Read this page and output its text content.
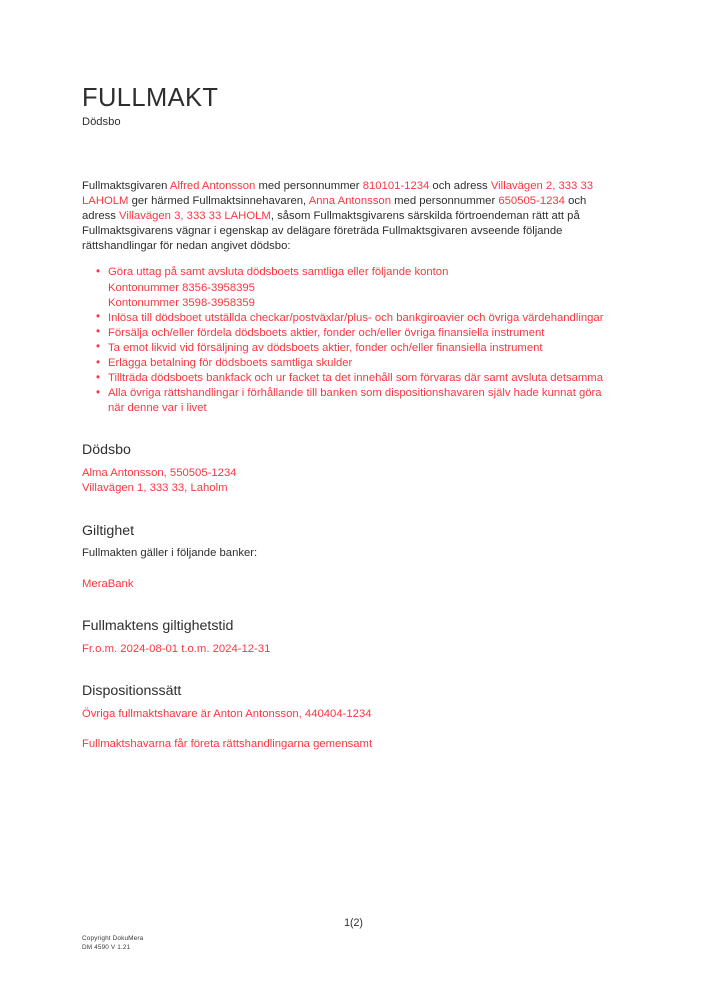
FULLMAKT

Dödsbo

Fullmaktsgivaren Alfred Antonsson med personnummer 810101-1234 och adress Villavägen 2, 333 33 LAHOLM ger härmed Fullmaktsinnehavaren, Anna Antonsson med personnummer 650505-1234 och adress Villavägen 3, 333 33 LAHOLM, såsom Fullmaktsgivarens särskilda förtroendeman rätt att på Fullmaktsgivarens vägnar i egenskap av delägare företräda Fullmaktsgivaren avseende följande rättshandlingar för nedan angivet dödsbo:

• Göra uttag på samt avsluta dödsboets samtliga eller följande konton
Kontonummer 8356-3958395
Kontonummer 3598-3958359
• Inlösa till dödsboet utställda checkar/postväxlar/plus- och bankgiroavier och övriga värdehandlingar
• Försälja och/eller fördela dödsboets aktier, fonder och/eller övriga finansiella instrument
• Ta emot likvid vid försäljning av dödsboets aktier, fonder och/eller finansiella instrument
• Erlägga betalning för dödsboets samtliga skulder
• Tillträda dödsboets bankfack och ur facket ta det innehåll som förvaras där samt avsluta detsamma
• Alla övriga rättshandlingar i förhållande till banken som dispositionshavaren själv hade kunnat göra när denne var i livet
Dödsbo

Alma Antonsson, 550505-1234

Villavägen 1, 333 33, Laholm

Giltighet

Fullmakten gäller i följande banker:

MeraBank

Fullmaktens giltighetstid

Fr.o.m. 2024-08-01 t.o.m. 2024-12-31

Dispositionssätt

Övriga fullmaktshavare är Anton Antonsson, 440404-1234

Fullmaktshavarna får företa rättshandlingarna gemensamt

1(2)
Copyright DokuMera
DM 4590 V 1.21
